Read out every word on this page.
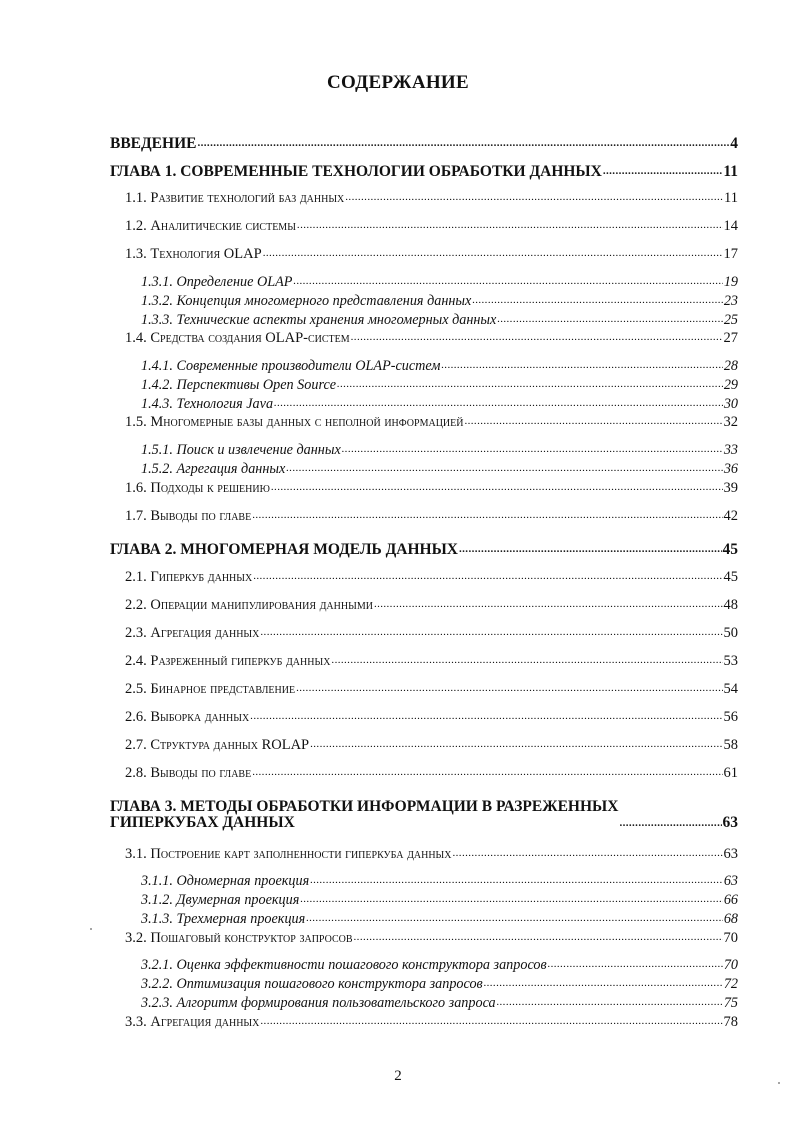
СОДЕРЖАНИЕ
ВВЕДЕНИЕ .....	4
ГЛАВА 1. СОВРЕМЕННЫЕ ТЕХНОЛОГИИ ОБРАБОТКИ ДАННЫХ .....	11
1.1. Развитие технологий баз данных .....	11
1.2. Аналитические системы .....	14
1.3. Технология OLAP .....	17
1.3.1. Определение OLAP .....	19
1.3.2. Концепция многомерного представления данных .....	23
1.3.3. Технические аспекты хранения многомерных данных .....	25
1.4. Средства создания OLAP-систем .....	27
1.4.1. Современные производители OLAP-систем .....	28
1.4.2. Перспективы Open Source .....	29
1.4.3. Технология Java .....	30
1.5. Многомерные базы данных с неполной информацией .....	32
1.5.1. Поиск и извлечение данных .....	33
1.5.2. Агрегация данных .....	36
1.6. Подходы к решению .....	39
1.7. Выводы по главе .....	42
ГЛАВА 2. МНОГОМЕРНАЯ МОДЕЛЬ ДАННЫХ .....	45
2.1. Гиперкуб данных .....	45
2.2. Операции манипулирования данными .....	48
2.3. Агрегация данных .....	50
2.4. Разреженный гиперкуб данных .....	53
2.5. Бинарное представление .....	54
2.6. Выборка данных .....	56
2.7. Структура данных ROLAP .....	58
2.8. Выводы по главе .....	61
ГЛАВА 3. МЕТОДЫ ОБРАБОТКИ ИНФОРМАЦИИ В РАЗРЕЖЕННЫХ
ГИПЕРКУБАХ ДАННЫХ .....	63
3.1. Построение карт заполненности гиперкуба данных .....	63
3.1.1. Одномерная проекция .....	63
3.1.2. Двумерная проекция .....	66
3.1.3. Трехмерная проекция .....	68
3.2. Пошаговый конструктор запросов .....	70
3.2.1. Оценка эффективности пошагового конструктора запросов .....	70
3.2.2. Оптимизация пошагового конструктора запросов .....	72
3.2.3. Алгоритм формирования пользовательского запроса .....	75
3.3. Агрегация данных .....	78
2
